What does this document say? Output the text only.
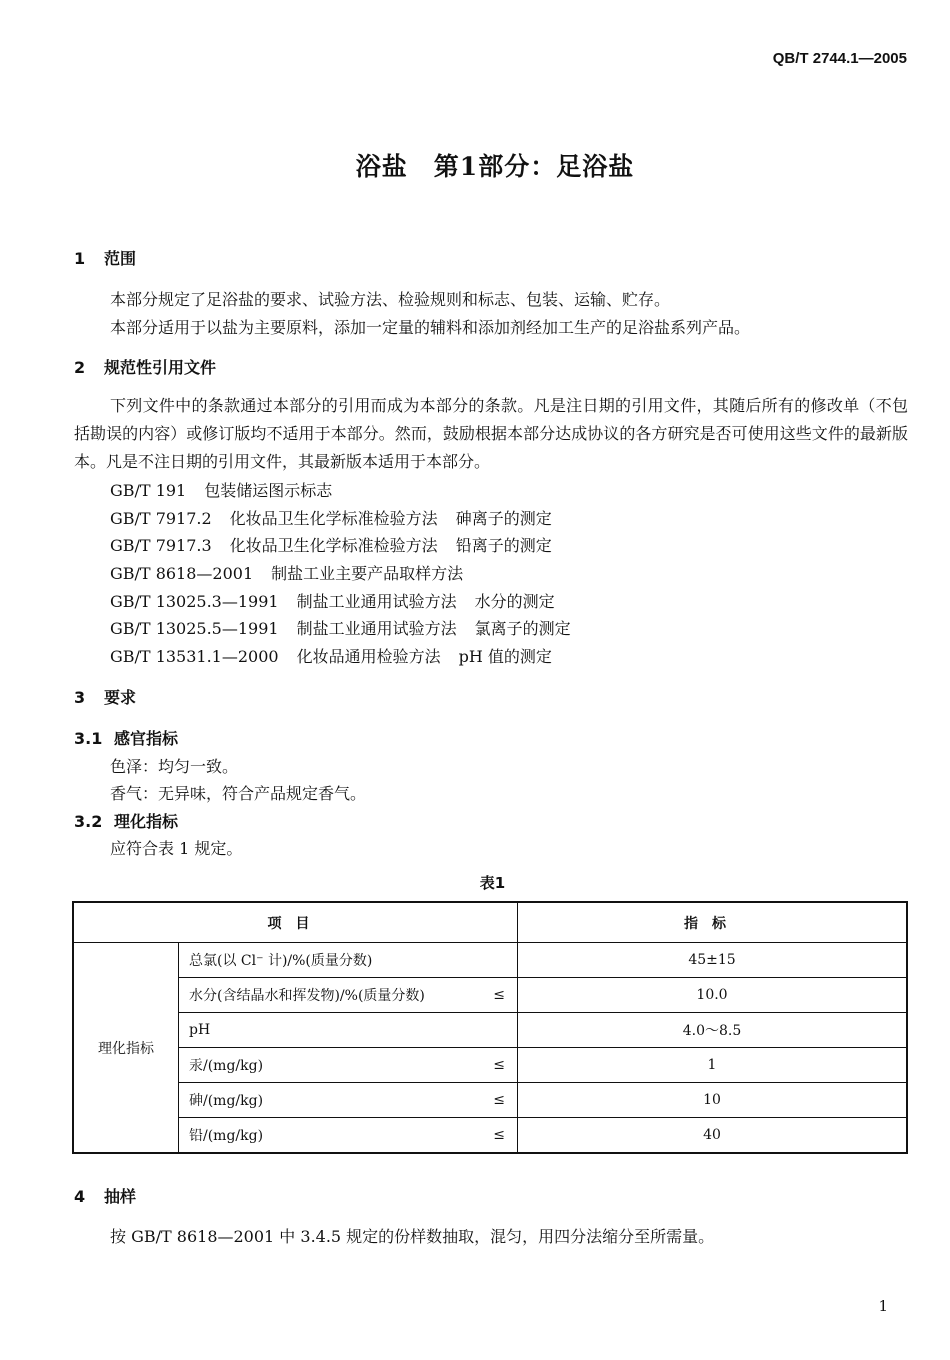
QB/T 2744.1—2005
浴盐　第1部分：足浴盐
1 范围
本部分规定了足浴盐的要求、试验方法、检验规则和标志、包装、运输、贮存。
本部分适用于以盐为主要原料，添加一定量的辅料和添加剂经加工生产的足浴盐系列产品。
2 规范性引用文件
下列文件中的条款通过本部分的引用而成为本部分的条款。凡是注日期的引用文件，其随后所有的修改单（不包括勘误的内容）或修订版均不适用于本部分。然而，鼓励根据本部分达成协议的各方研究是否可使用这些文件的最新版本。凡是不注日期的引用文件，其最新版本适用于本部分。
GB/T 191 包装储运图示标志
GB/T 7917.2 化妆品卫生化学标准检验方法 砷离子的测定
GB/T 7917.3 化妆品卫生化学标准检验方法 铅离子的测定
GB/T 8618—2001 制盐工业主要产品取样方法
GB/T 13025.3—1991 制盐工业通用试验方法 水分的测定
GB/T 13025.5—1991 制盐工业通用试验方法 氯离子的测定
GB/T 13531.1—2000 化妆品通用检验方法 pH 值的测定
3 要求
3.1 感官指标
色泽：均匀一致。
香气：无异味，符合产品规定香气。
3.2 理化指标
应符合表 1 规定。
表1
项目		指标
理化指标	总氯(以 Cl⁻ 计)/%(质量分数)	45±15
	水分(含结晶水和挥发物)/%(质量分数) ≤	10.0
	pH	4.0～8.5
	汞/(mg/kg) ≤	1
	砷/(mg/kg) ≤	10
	铅/(mg/kg) ≤	40
4 抽样
按 GB/T 8618—2001 中 3.4.5 规定的份样数抽取，混匀，用四分法缩分至所需量。
1
